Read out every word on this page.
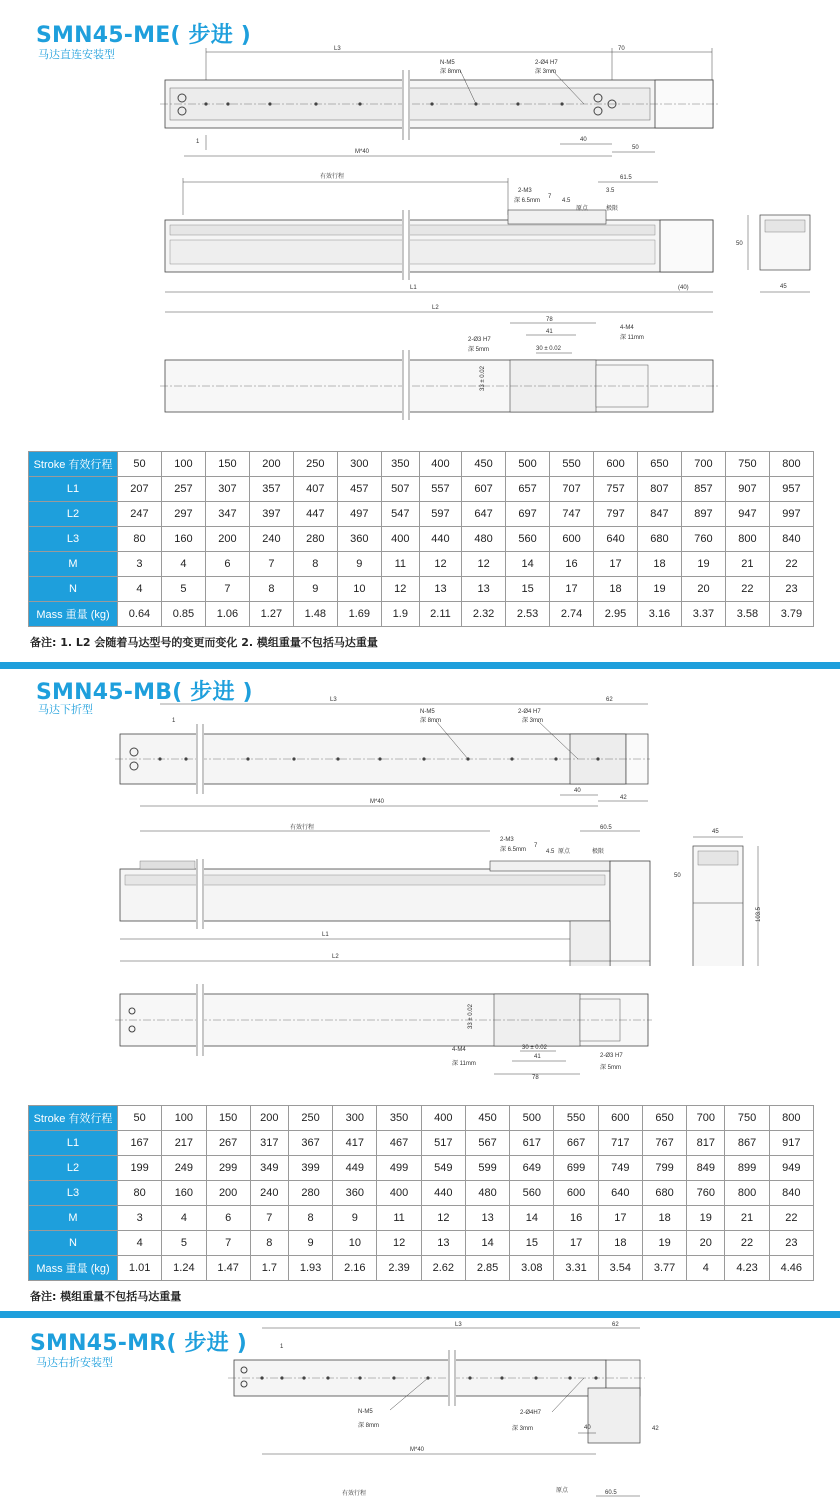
SMN45-ME( 步进 )
马达直连安装型	L3	70
N-M5
深 8mm
2-Ø4 H7
深 3mm
40
50
M*40
1
有效行程
2-M3
深 6.5mm
7
4.5
原点	极限
61.5
3.5
L1	(40)
L2
50
45
78
41
30 ± 0.02
2-Ø3 H7
深 5mm
4-M4
深 11mm
33 ± 0.02
Stroke 有效行程	50	100	150	200	250	300	350	400	450	500	550	600	650	700	750	800
L1	207	257	307	357	407	457	507	557	607	657	707	757	807	857	907	957
L2	247	297	347	397	447	497	547	597	647	697	747	797	847	897	947	997
L3	80	160	200	240	280	360	400	440	480	560	600	640	680	760	800	840
M	3	4	6	7	8	9	11	12	12	14	16	17	18	19	21	22
N	4	5	7	8	9	10	12	13	13	15	17	18	19	20	22	23
Mass 重量 (kg)	0.64	0.85	1.06	1.27	1.48	1.69	1.9	2.11	2.32	2.53	2.74	2.95	3.16	3.37	3.58	3.79
备注: 1. L2 会随着马达型号的变更而变化 2. 模组重量不包括马达重量
SMN45-MB( 步进 )
马达下折型
L3	62
1
N-M5
深 8mm
2-Ø4 H7
深 3mm
40
42
M*40
有效行程
2-M3
深 6.5mm
7
4.5 原点	极限
60.5
L1
L2
45
50
103.5
33 ± 0.02
4-M4
深 11mm
30 ± 0.02
41
78
2-Ø3 H7
深 5mm
Stroke 有效行程	50	100	150	200	250	300	350	400	450	500	550	600	650	700	750	800
L1	167	217	267	317	367	417	467	517	567	617	667	717	767	817	867	917
L2	199	249	299	349	399	449	499	549	599	649	699	749	799	849	899	949
L3	80	160	200	240	280	360	400	440	480	560	600	640	680	760	800	840
M	3	4	6	7	8	9	11	12	13	14	16	17	18	19	21	22
N	4	5	7	8	9	10	12	13	14	15	17	18	19	20	22	23
Mass 重量 (kg)	1.01	1.24	1.47	1.7	1.93	2.16	2.39	2.62	2.85	3.08	3.31	3.54	3.77	4	4.23	4.46
备注: 模组重量不包括马达重量
SMN45-MR( 步进 )
马达右折安装型
L3	62
1
N-M5
深 8mm
2-Ø4H7
深 3mm	40	42
M*40
有效行程	原点	60.5
